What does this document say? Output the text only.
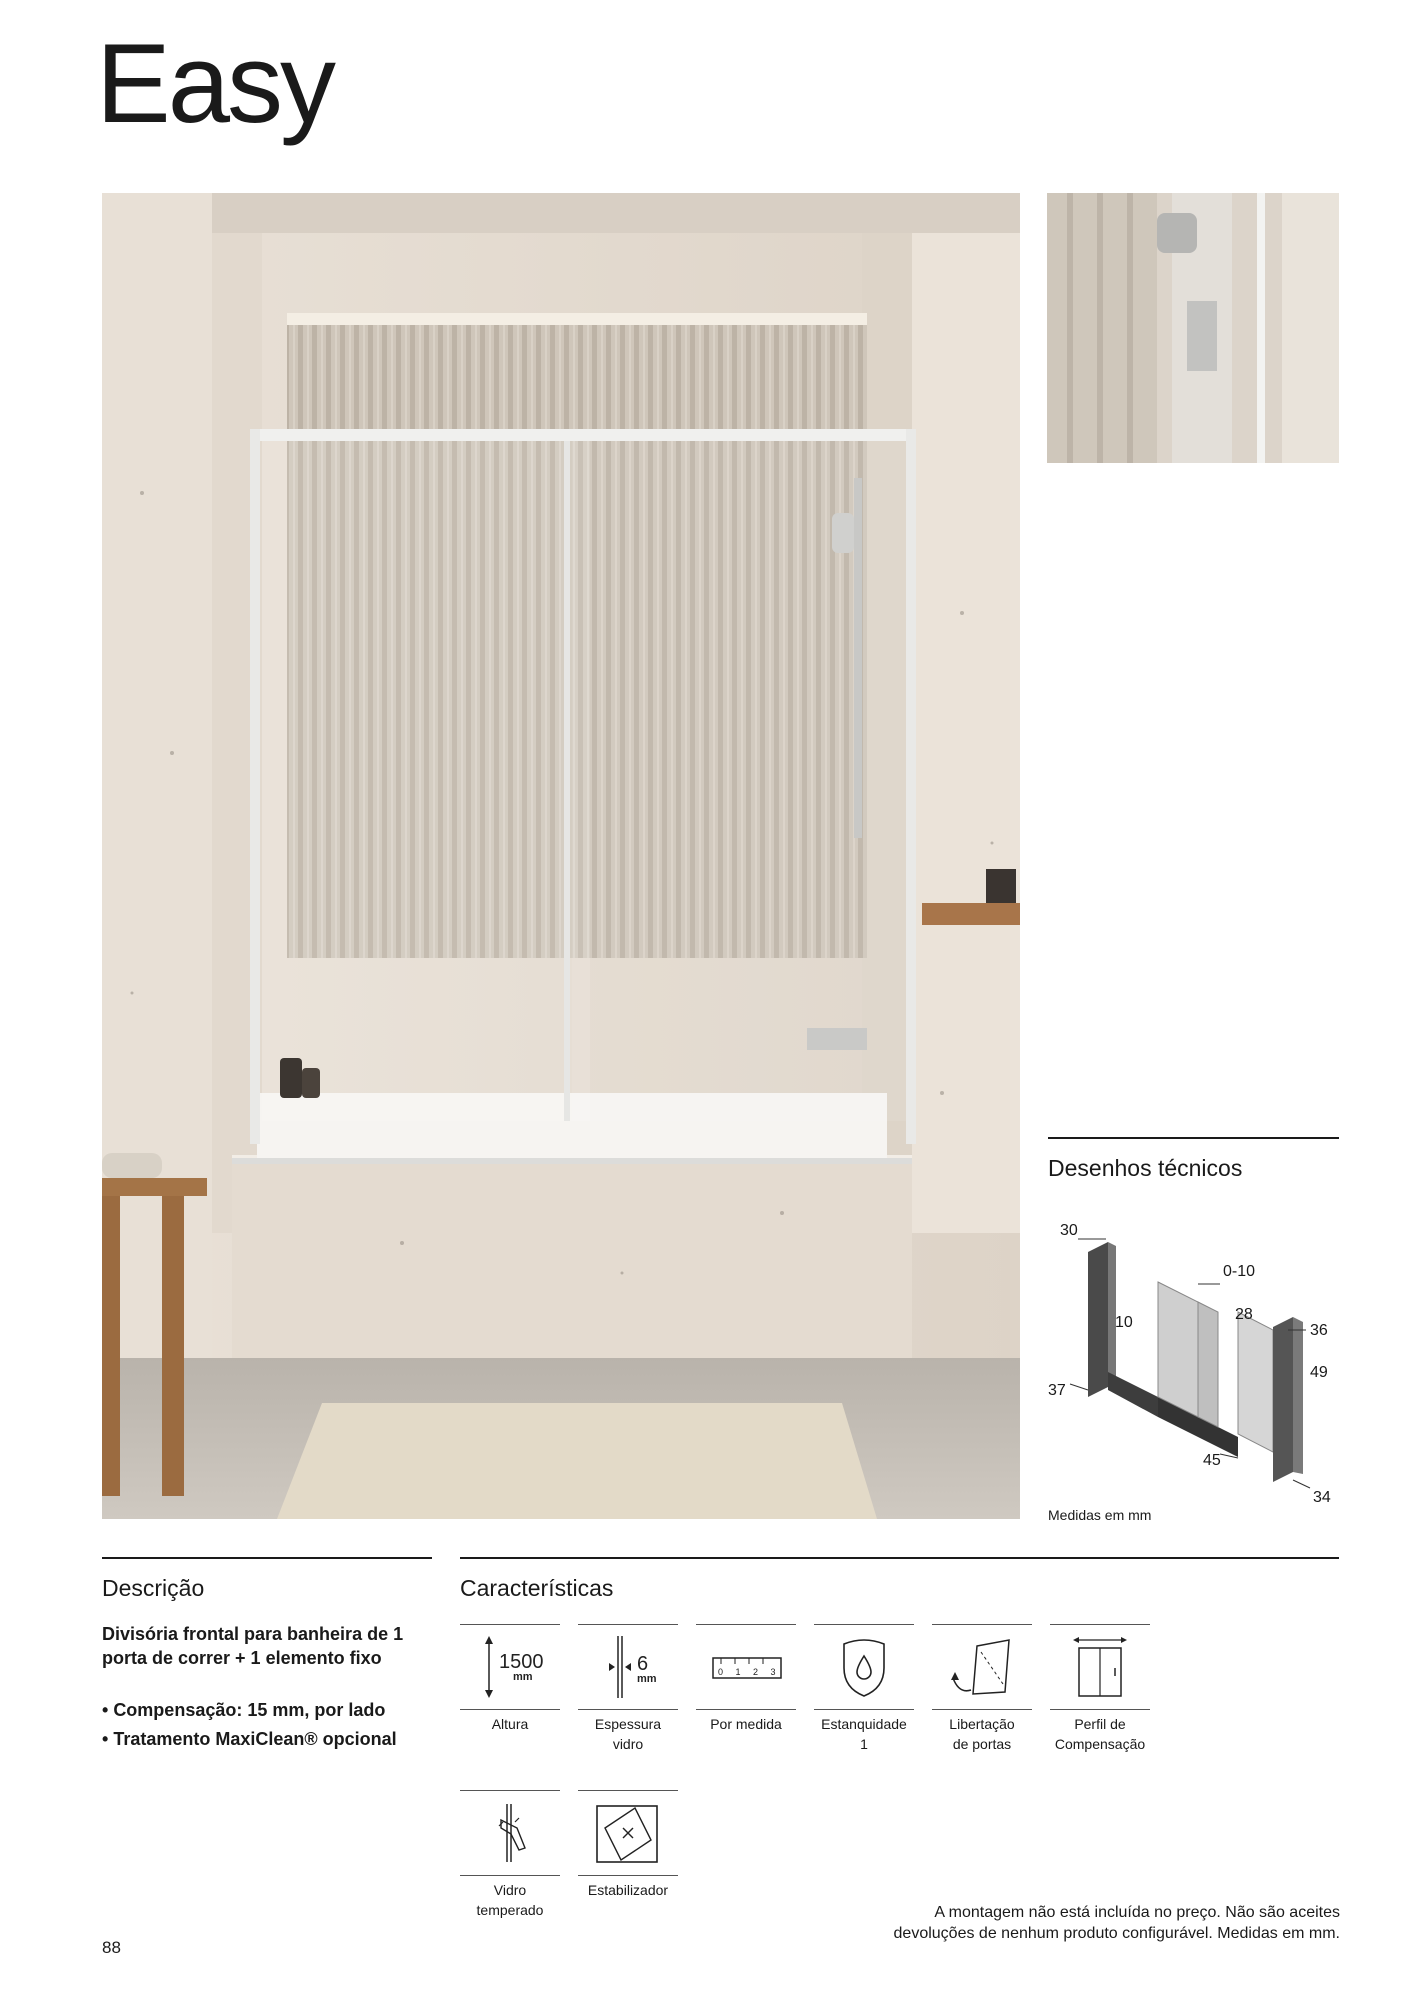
Easy
Desenhos técnicos
30
0-10
10	28
36
49
37
45
34
Medidas em mm
Descrição
Divisória frontal para banheira de 1 porta de correr + 1 elemento fixo
• Compensação: 15 mm, por lado
• Tratamento MaxiClean® opcional
Características
1500
mm
Altura
6
mm
Espessura
vidro
0 1 2 3
Por medida	Estanquidade
1
Libertação
de portas
Perfil de
Compensação
Vidro
temperado
Estabilizador
A montagem não está incluída no preço. Não são aceites
devoluções de nenhum produto configurável. Medidas em mm.
88
